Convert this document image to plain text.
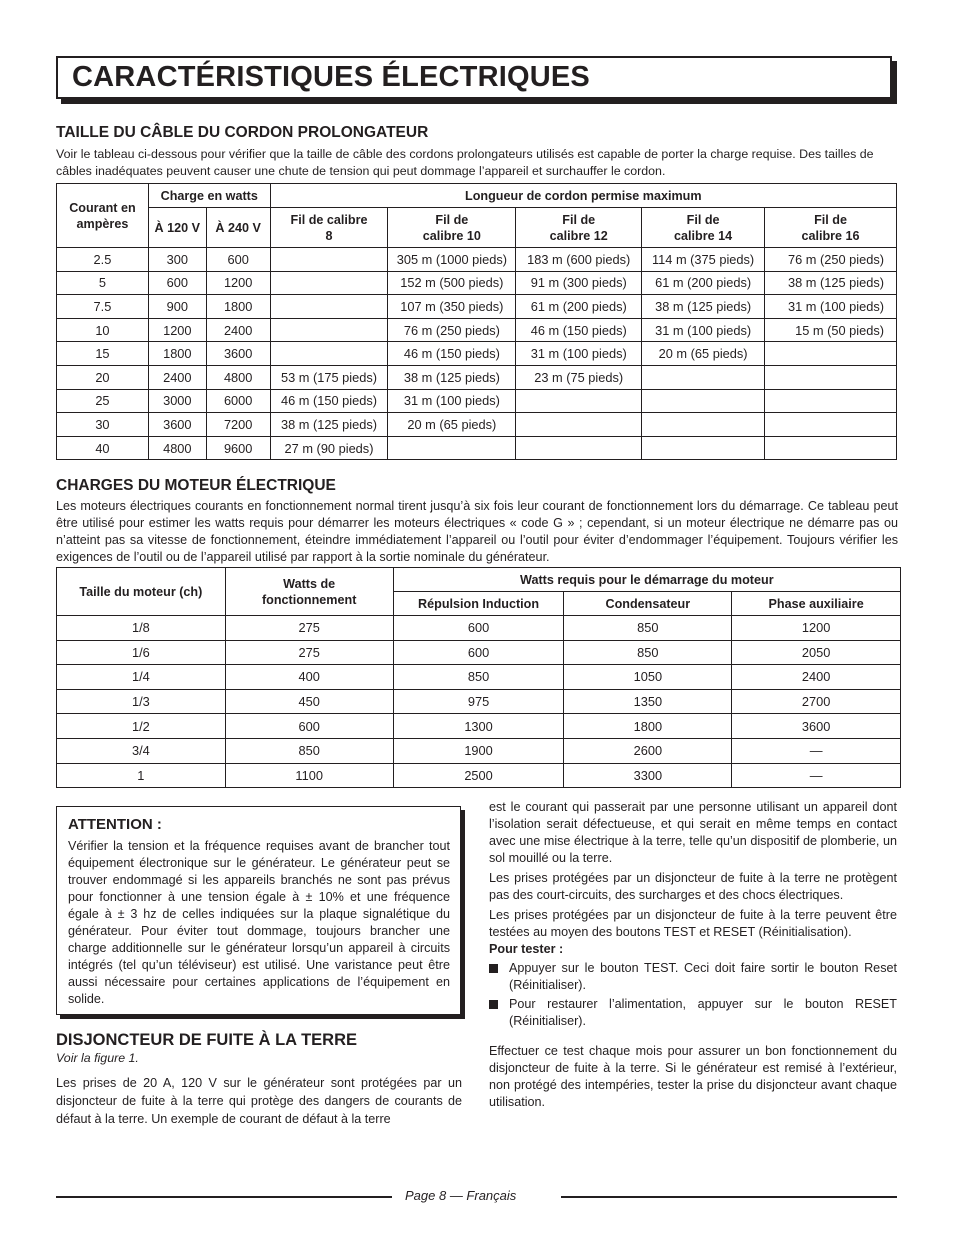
CARACTÉRISTIQUES ÉLECTRIQUES
TAILLE DU CÂBLE DU CORDON PROLONGATEUR
Voir le tableau ci-dessous pour vérifier que la taille de câble des cordons prolongateurs utilisés est capable de porter la charge requise. Des tailles de câbles inadéquates peuvent causer une chute de tension qui peut dommage l’appareil et surchauffer le cordon.
Courant en ampères	Charge en watts		Longueur de cordon permise maximum				
	À 120 V	À 240 V	Fil de calibre 8	Fil de calibre 10	Fil de calibre 12	Fil de calibre 14	Fil de calibre 16
2.5	300	600		305 m (1000 pieds)	183 m (600 pieds)	114 m (375 pieds)	76 m (250 pieds)
5	600	1200		152 m (500 pieds)	91 m (300 pieds)	61 m (200 pieds)	38 m (125 pieds)
7.5	900	1800		107 m (350 pieds)	61 m (200 pieds)	38 m (125 pieds)	31 m (100 pieds)
10	1200	2400		76 m (250 pieds)	46 m (150 pieds)	31 m (100 pieds)	15 m (50 pieds)
15	1800	3600		46 m (150 pieds)	31 m (100 pieds)	20 m (65 pieds)	
20	2400	4800	53 m (175 pieds)	38 m (125 pieds)	23 m (75 pieds)		
25	3000	6000	46 m (150 pieds)	31 m (100 pieds)			
30	3600	7200	38 m (125 pieds)	20 m (65 pieds)			
40	4800	9600	27 m (90 pieds)				
CHARGES DU MOTEUR ÉLECTRIQUE
Les moteurs électriques courants en fonctionnement normal tirent jusqu’à six fois leur courant de fonctionnement lors du démarrage. Ce tableau peut être utilisé pour estimer les watts requis pour démarrer les moteurs électriques « code G » ; cependant, si un moteur électrique ne démarre pas ou n’atteint pas sa vitesse de fonctionnement, éteindre immédiatement l’appareil ou l’outil pour éviter d’endommager l’équipement. Toujours vérifier les exigences de l’outil ou de l’appareil utilisé par rapport à la sortie nominale du générateur.
Taille du moteur (ch)	Watts de fonctionnement	Watts requis pour le démarrage du moteur		
		Répulsion Induction	Condensateur	Phase auxiliaire
1/8	275	600	850	1200
1/6	275	600	850	2050
1/4	400	850	1050	2400
1/3	450	975	1350	2700
1/2	600	1300	1800	3600
3/4	850	1900	2600	—
1	1100	2500	3300	—
ATTENTION :

Vérifier la tension et la fréquence requises avant de brancher tout équipement électronique sur le générateur. Le générateur peut se trouver endommagé si les appareils branchés ne sont pas prévus pour fonctionner à une tension égale à ± 10% et une fréquence égale à ± 3 hz de celles indiquées sur la plaque signalétique du générateur. Pour éviter tout dommage, toujours brancher une charge additionnelle sur le générateur lorsqu’un appareil à circuits intégrés (tel qu’un téléviseur) est utilisé. Une varistance peut être aussi nécessaire pour certaines applications de l’équipement en solide.

DISJONCTEUR DE FUITE À LA TERRE
Voir la figure 1.
Les prises de 20 A, 120 V sur le générateur sont protégées par un disjoncteur de fuite à la terre qui protège des dangers de courants de défaut à la terre. Un exemple de courant de défaut à la terre

est le courant qui passerait par une personne utilisant un appareil dont l’isolation serait défectueuse, et qui serait en même temps en contact avec une mise électrique à la terre, telle qu’un dispositif de plomberie, un sol mouillé ou la terre.

Les prises protégées par un disjoncteur de fuite à la terre ne protègent pas des court-circuits, des surcharges et des chocs électriques.

Les prises protégées par un disjoncteur de fuite à la terre peuvent être testées au moyen des boutons TEST et RESET (Réinitialisation).

Pour tester :

Appuyer sur le bouton TEST. Ceci doit faire sortir le bouton Reset (Réinitialiser).
Pour restaurer l’alimentation, appuyer sur le bouton RESET (Réinitialiser).

Effectuer ce test chaque mois pour assurer un bon fonctionnement du disjoncteur de fuite à la terre. Si le générateur est remisé à l’extérieur, non protégé des intempéries, tester la prise du disjoncteur avant chaque utilisation.

Page 8 — Français
